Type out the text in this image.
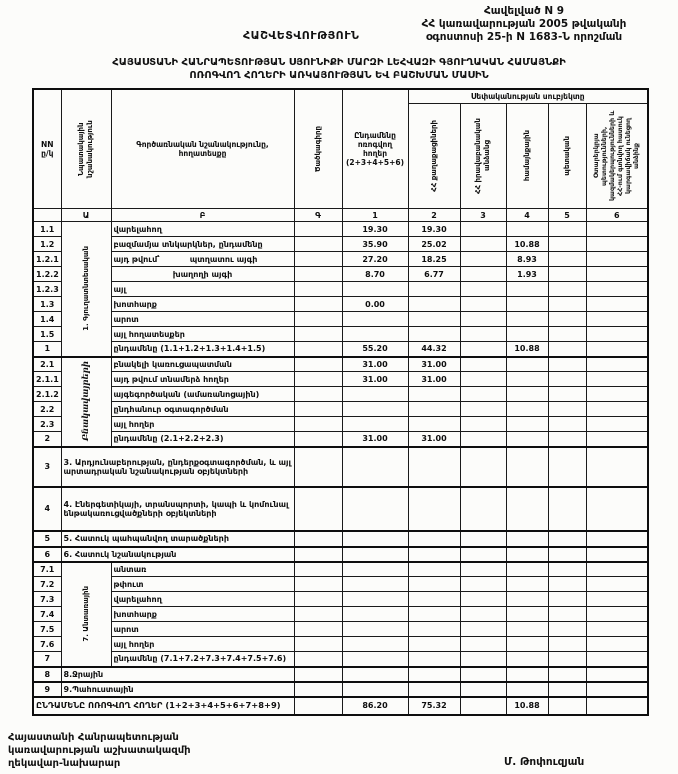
Հավելված N 9
ՀՀ կառավարության 2005 թվականի
օգոստոսի 25-ի N 1683-Ն որոշման
ՀԱՇՎԵՏՎՈՒԹՅՈՒՆ
ՀԱՅԱՍՏԱՆԻ ՀԱՆՐԱՊԵՏՈՒԹՅԱՆ ՍՅՈՒՆԻՔԻ ՄԱՐԶԻ ԼԵՀՎԱԶԻ ԳՅՈՒՂԱԿԱՆ ՀԱՄԱՅՆՔԻ
ՈՌՈԳՎՈՂ ՀՈՂԵՐԻ ԱՌԿԱՅՈՒԹՅԱՆ ԵՎ ԲԱՇԽՄԱՆ ՄԱՍԻՆ
NN ը/կ	Նպատակային նշանակություն	Գործառնական նշանակությունը, հողատեսքը	Ծածկագիրը	Ընդամենը ոռոգվող հողեր (2+3+4+5+6)	Սեփականության սուբյեկտը				

					ՀՀ քաղաքացիների	ՀՀ իրավաբանական անձանց	համայնքային	պետական	Օտարերկրյա պետությունների, կազմակերպությունների և ՀՀ-ում գտնվող հատուկ կարգավիճակ ունեցող անձինք

	Ա	Բ	Գ	1	2	3	4	5	6
1.1	1. Գյուղատնտեսական	վարելահող		19.30	19.30				
1.2		բազմամյա տնկարկներ, ընդամենը		35.90	25.02		10.88		
1.2.1		այդ թվում՝ պտղատու այգի		27.20	18.25		8.93		
1.2.2		խաղողի այգի		8.70	6.77		1.93		
1.2.3		այլ							
1.3		խոտհարք		0.00					
1.4		արոտ							
1.5		այլ հողատեսքեր							
1		ընդամենը (1.1+1.2+1.3+1.4+1.5)		55.20	44.32		10.88		
2.1	Բնակավայրերի	բնակելի կառուցապատման		31.00	31.00				
2.1.1		այդ թվում տնամերձ հողեր		31.00	31.00				
2.1.2		այգեգործական (ամառանոցային)							
2.2		ընդհանուր օգտագործման							
2.3		այլ հողեր							
2		ընդամենը (2.1+2.2+2.3)		31.00	31.00				
3	3. Արդյունաբերության, ընդերքօգտագործման, և այլ արտադրական նշանակության օբյեկտների								
4	4. Էներգետիկայի, տրանսպորտի, կապի և կոմունալ ենթակառուցվածքների օբյեկտների								
5	5. Հատուկ պահպանվող տարածքների								
6	6. Հատուկ նշանակության								
7.1	7. Անտառային	անտառ							
7.2		թփուտ							
7.3		վարելահող							
7.4		խոտհարք							
7.5		արոտ							
7.6		այլ հողեր							
7		ընդամենը (7.1+7.2+7.3+7.4+7.5+7.6)							
8	8.Ջրային								
9	9.Պահուստային								
ԸՆԴԱՄԵՆԸ ՈՌՈԳՎՈՂ ՀՈՂԵՐ (1+2+3+4+5+6+7+8+9)				86.20	75.32		10.88		
Հայաստանի Հանրապետության
կառավարության աշխատակազմի
ղեկավար-նախարար	Մ. Թոփուզյան
